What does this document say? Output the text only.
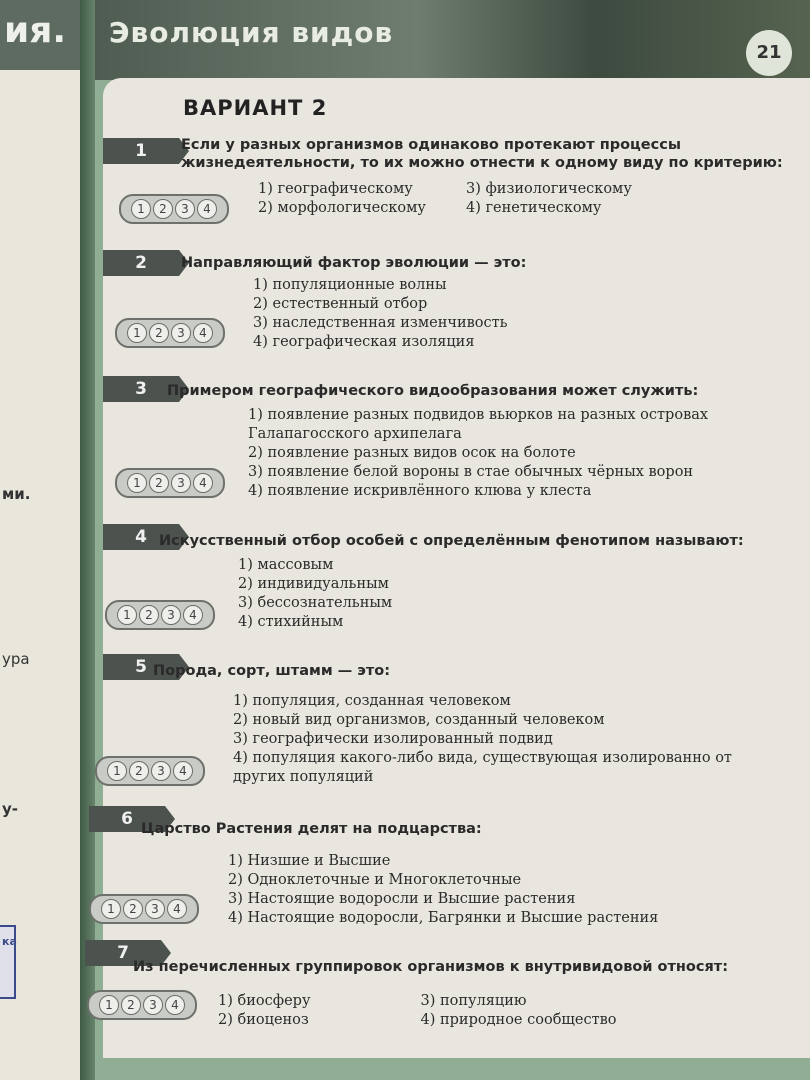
ия.
ми.
ура
у-
ка
Эволюция видов
21
ВАРИАНТ 2
1	Если у разных организмов одинаково протекают процессы жизнедеятельности, то их можно отнести к одному виду по критерию:
1	2	3	4
1) географическому
2) морфологическому
3) физиологическому
4) генетическому
2	Направляющий фактор эволюции — это:
1	2	3	4
1) популяционные волны
2) естественный отбор
3) наследственная изменчивость
4) географическая изоляция
3	Примером географического видообразования может служить:
1	2	3	4
1) появление разных подвидов вьюрков на разных островах Галапагосского архипелага
2) появление разных видов осок на болоте
3) появление белой вороны в стае обычных чёрных ворон
4) появление искривлённого клюва у клеста
4 Искусственный отбор особей с определённым фенотипом называют:
1	2	3	4
1) массовым
2) индивидуальным
3) бессознательным
4) стихийным
5 Порода, сорт, штамм — это:
1	2	3	4
1) популяция, созданная человеком
2) новый вид организмов, созданный человеком
3) географически изолированный подвид
4) популяция какого-либо вида, существующая изолированно от других популяций
6 Царство Растения делят на подцарства:
1	2	3	4
1) Низшие и Высшие
2) Одноклеточные и Многоклеточные
3) Настоящие водоросли и Высшие растения
4) Настоящие водоросли, Багрянки и Высшие растения
7
Из перечисленных группировок организмов к внутривидовой относят:
1	2	3	4	1) биосферу
2) биоценоз
3) популяцию
4) природное сообщество
